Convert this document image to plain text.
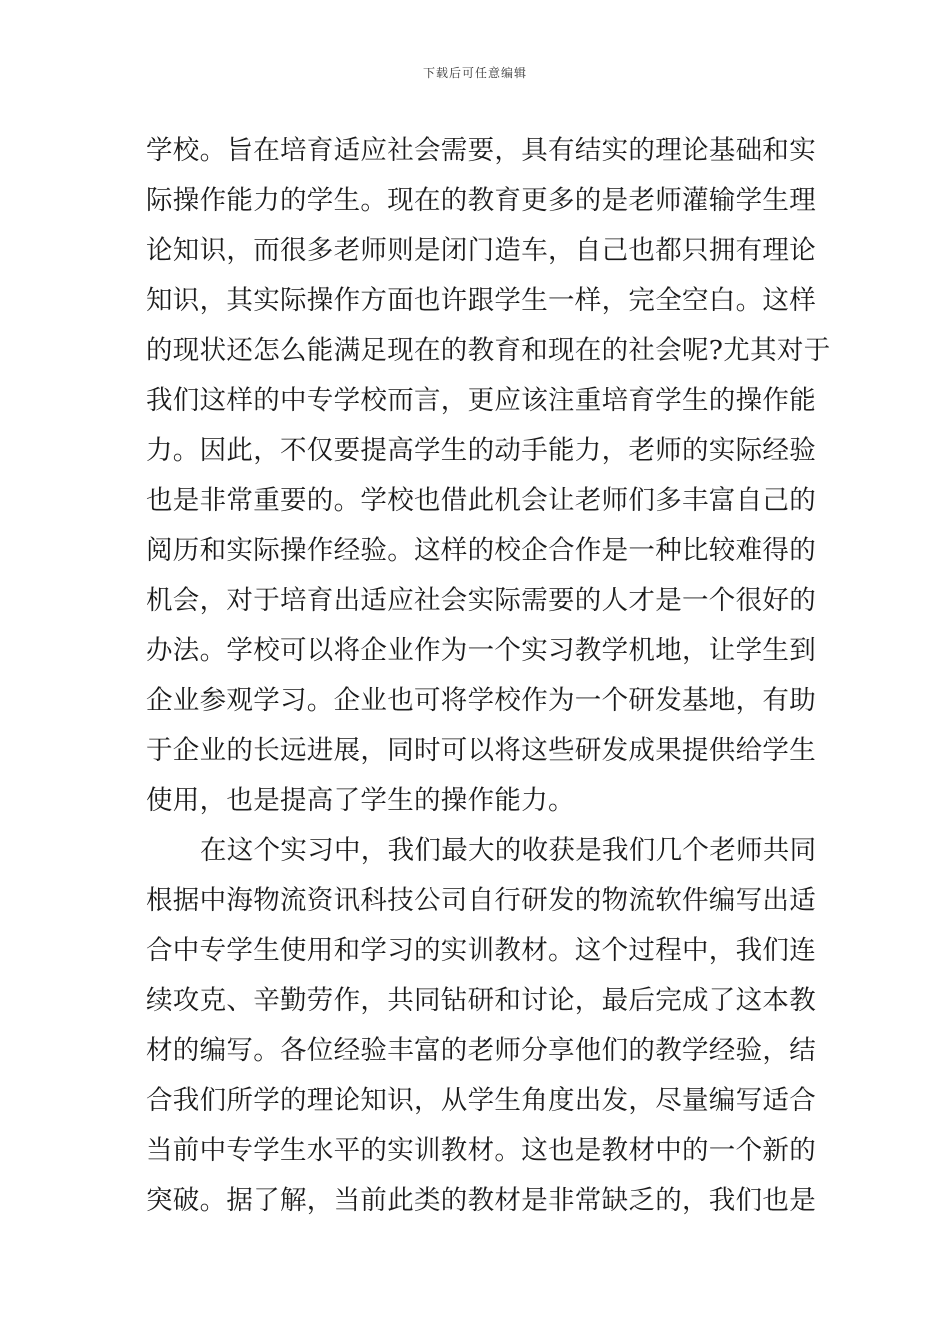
下载后可任意编辑
学校。旨在培育适应社会需要，具有结实的理论基础和实
际操作能力的学生。现在的教育更多的是老师灌输学生理
论知识，而很多老师则是闭门造车，自己也都只拥有理论
知识，其实际操作方面也许跟学生一样，完全空白。这样
的现状还怎么能满足现在的教育和现在的社会呢?尤其对于
我们这样的中专学校而言，更应该注重培育学生的操作能
力。因此，不仅要提高学生的动手能力，老师的实际经验
也是非常重要的。学校也借此机会让老师们多丰富自己的
阅历和实际操作经验。这样的校企合作是一种比较难得的
机会，对于培育出适应社会实际需要的人才是一个很好的
办法。学校可以将企业作为一个实习教学机地，让学生到
企业参观学习。企业也可将学校作为一个研发基地，有助
于企业的长远进展，同时可以将这些研发成果提供给学生
使用，也是提高了学生的操作能力。
在这个实习中，我们最大的收获是我们几个老师共同
根据中海物流资讯科技公司自行研发的物流软件编写出适
合中专学生使用和学习的实训教材。这个过程中，我们连
续攻克、辛勤劳作，共同钻研和讨论，最后完成了这本教
材的编写。各位经验丰富的老师分享他们的教学经验，结
合我们所学的理论知识，从学生角度出发，尽量编写适合
当前中专学生水平的实训教材。这也是教材中的一个新的
突破。据了解，当前此类的教材是非常缺乏的，我们也是
